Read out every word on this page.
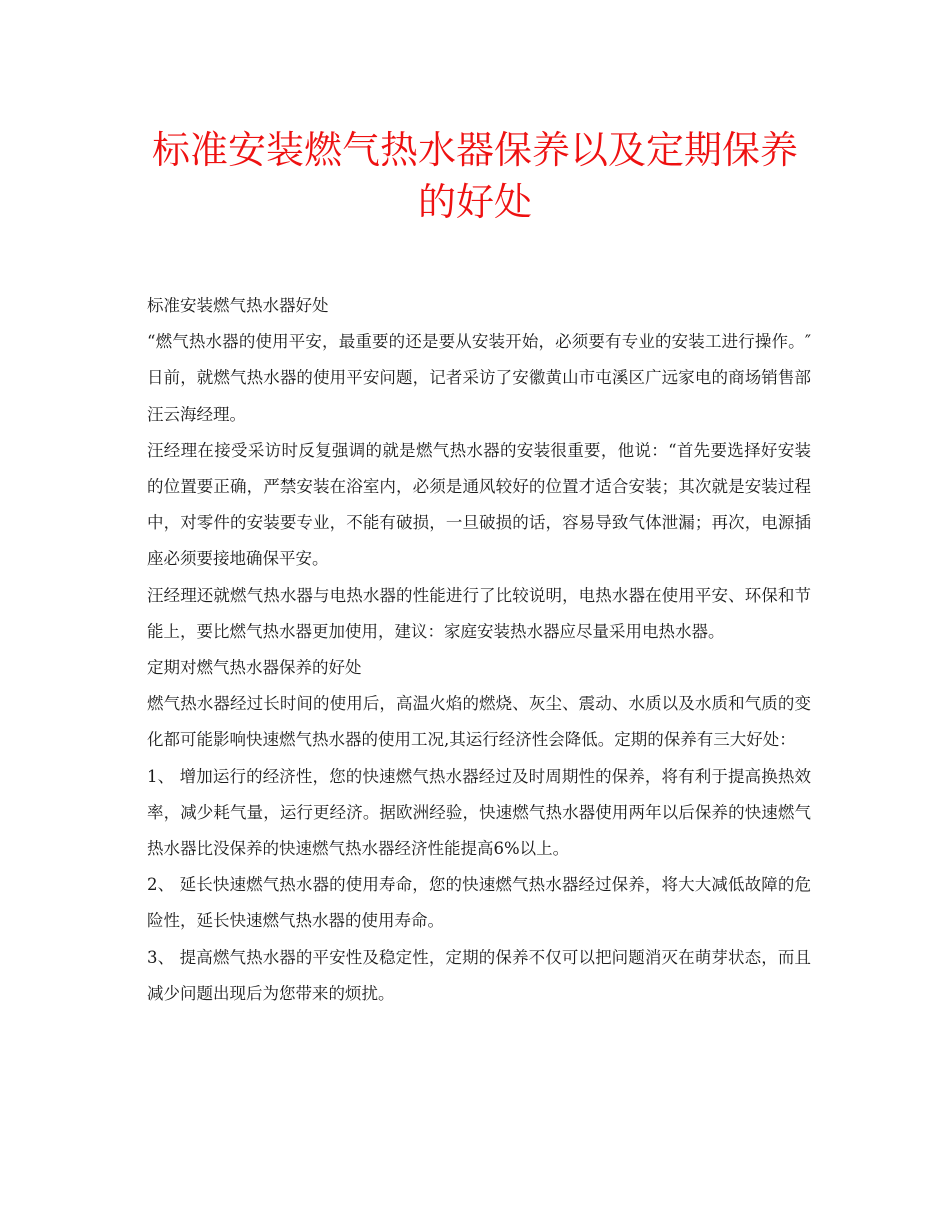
标准安装燃气热水器保养以及定期保养的好处

标准安装燃气热水器好处

“燃气热水器的使用平安，最重要的还是要从安装开始，必须要有专业的安装工进行操作。″日前，就燃气热水器的使用平安问题，记者采访了安徽黄山市屯溪区广远家电的商场销售部汪云海经理。

汪经理在接受采访时反复强调的就是燃气热水器的安装很重要，他说：“首先要选择好安装的位置要正确，严禁安装在浴室内，必须是通风较好的位置才适合安装；其次就是安装过程中，对零件的安装要专业，不能有破损，一旦破损的话，容易导致气体泄漏；再次，电源插座必须要接地确保平安。

汪经理还就燃气热水器与电热水器的性能进行了比较说明，电热水器在使用平安、环保和节能上，要比燃气热水器更加使用，建议：家庭安装热水器应尽量采用电热水器。

定期对燃气热水器保养的好处

燃气热水器经过长时间的使用后，高温火焰的燃烧、灰尘、震动、水质以及水质和气质的变化都可能影响快速燃气热水器的使用工况,其运行经济性会降低。定期的保养有三大好处：

1、 增加运行的经济性，您的快速燃气热水器经过及时周期性的保养，将有利于提高换热效率，减少耗气量，运行更经济。据欧洲经验，快速燃气热水器使用两年以后保养的快速燃气热水器比没保养的快速燃气热水器经济性能提高6%以上。

2、 延长快速燃气热水器的使用寿命，您的快速燃气热水器经过保养，将大大减低故障的危险性，延长快速燃气热水器的使用寿命。

3、 提高燃气热水器的平安性及稳定性，定期的保养不仅可以把问题消灭在萌芽状态，而且减少问题出现后为您带来的烦扰。
